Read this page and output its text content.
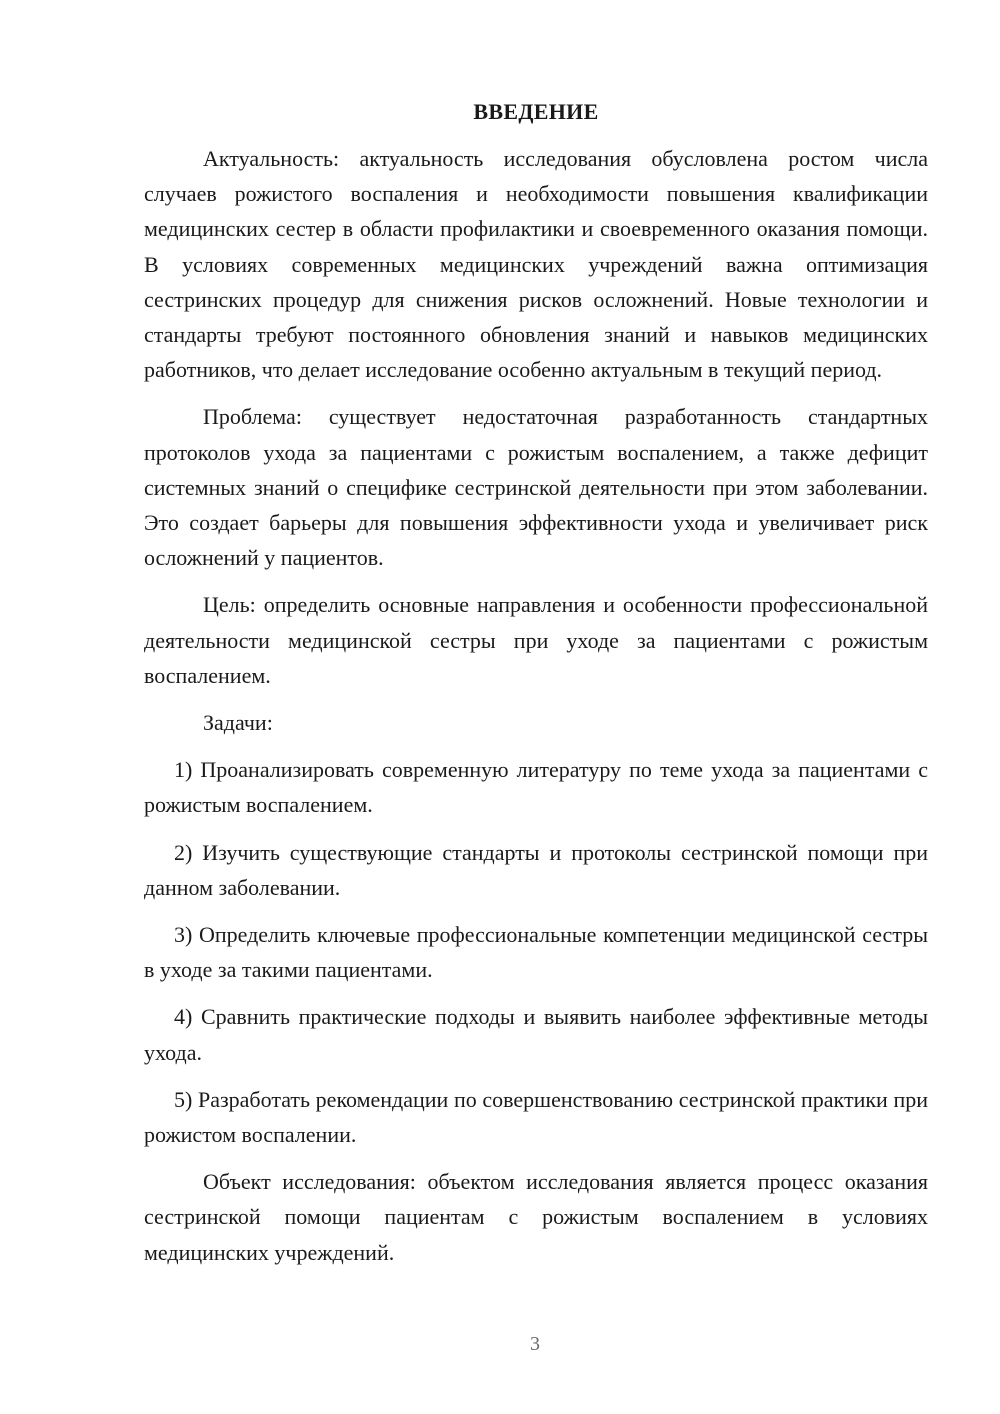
ВВЕДЕНИЕ

Актуальность: актуальность исследования обусловлена ростом числа случаев рожистого воспаления и необходимости повышения квалификации медицинских сестер в области профилактики и своевременного оказания помощи. В условиях современных медицинских учреждений важна оптимизация сестринских процедур для снижения рисков осложнений. Новые технологии и стандарты требуют постоянного обновления знаний и навыков медицинских работников, что делает исследование особенно актуальным в текущий период.

Проблема: существует недостаточная разработанность стандартных протоколов ухода за пациентами с рожистым воспалением, а также дефицит системных знаний о специфике сестринской деятельности при этом заболевании. Это создает барьеры для повышения эффективности ухода и увеличивает риск осложнений у пациентов.

Цель: определить основные направления и особенности профессиональной деятельности медицинской сестры при уходе за пациентами с рожистым воспалением.

Задачи:

1) Проанализировать современную литературу по теме ухода за пациентами с рожистым воспалением.

2) Изучить существующие стандарты и протоколы сестринской помощи при данном заболевании.

3) Определить ключевые профессиональные компетенции медицинской сестры в уходе за такими пациентами.

4) Сравнить практические подходы и выявить наиболее эффективные методы ухода.

5) Разработать рекомендации по совершенствованию сестринской практики при рожистом воспалении.

Объект исследования: объектом исследования является процесс оказания сестринской помощи пациентам с рожистым воспалением в условиях медицинских учреждений.

3
